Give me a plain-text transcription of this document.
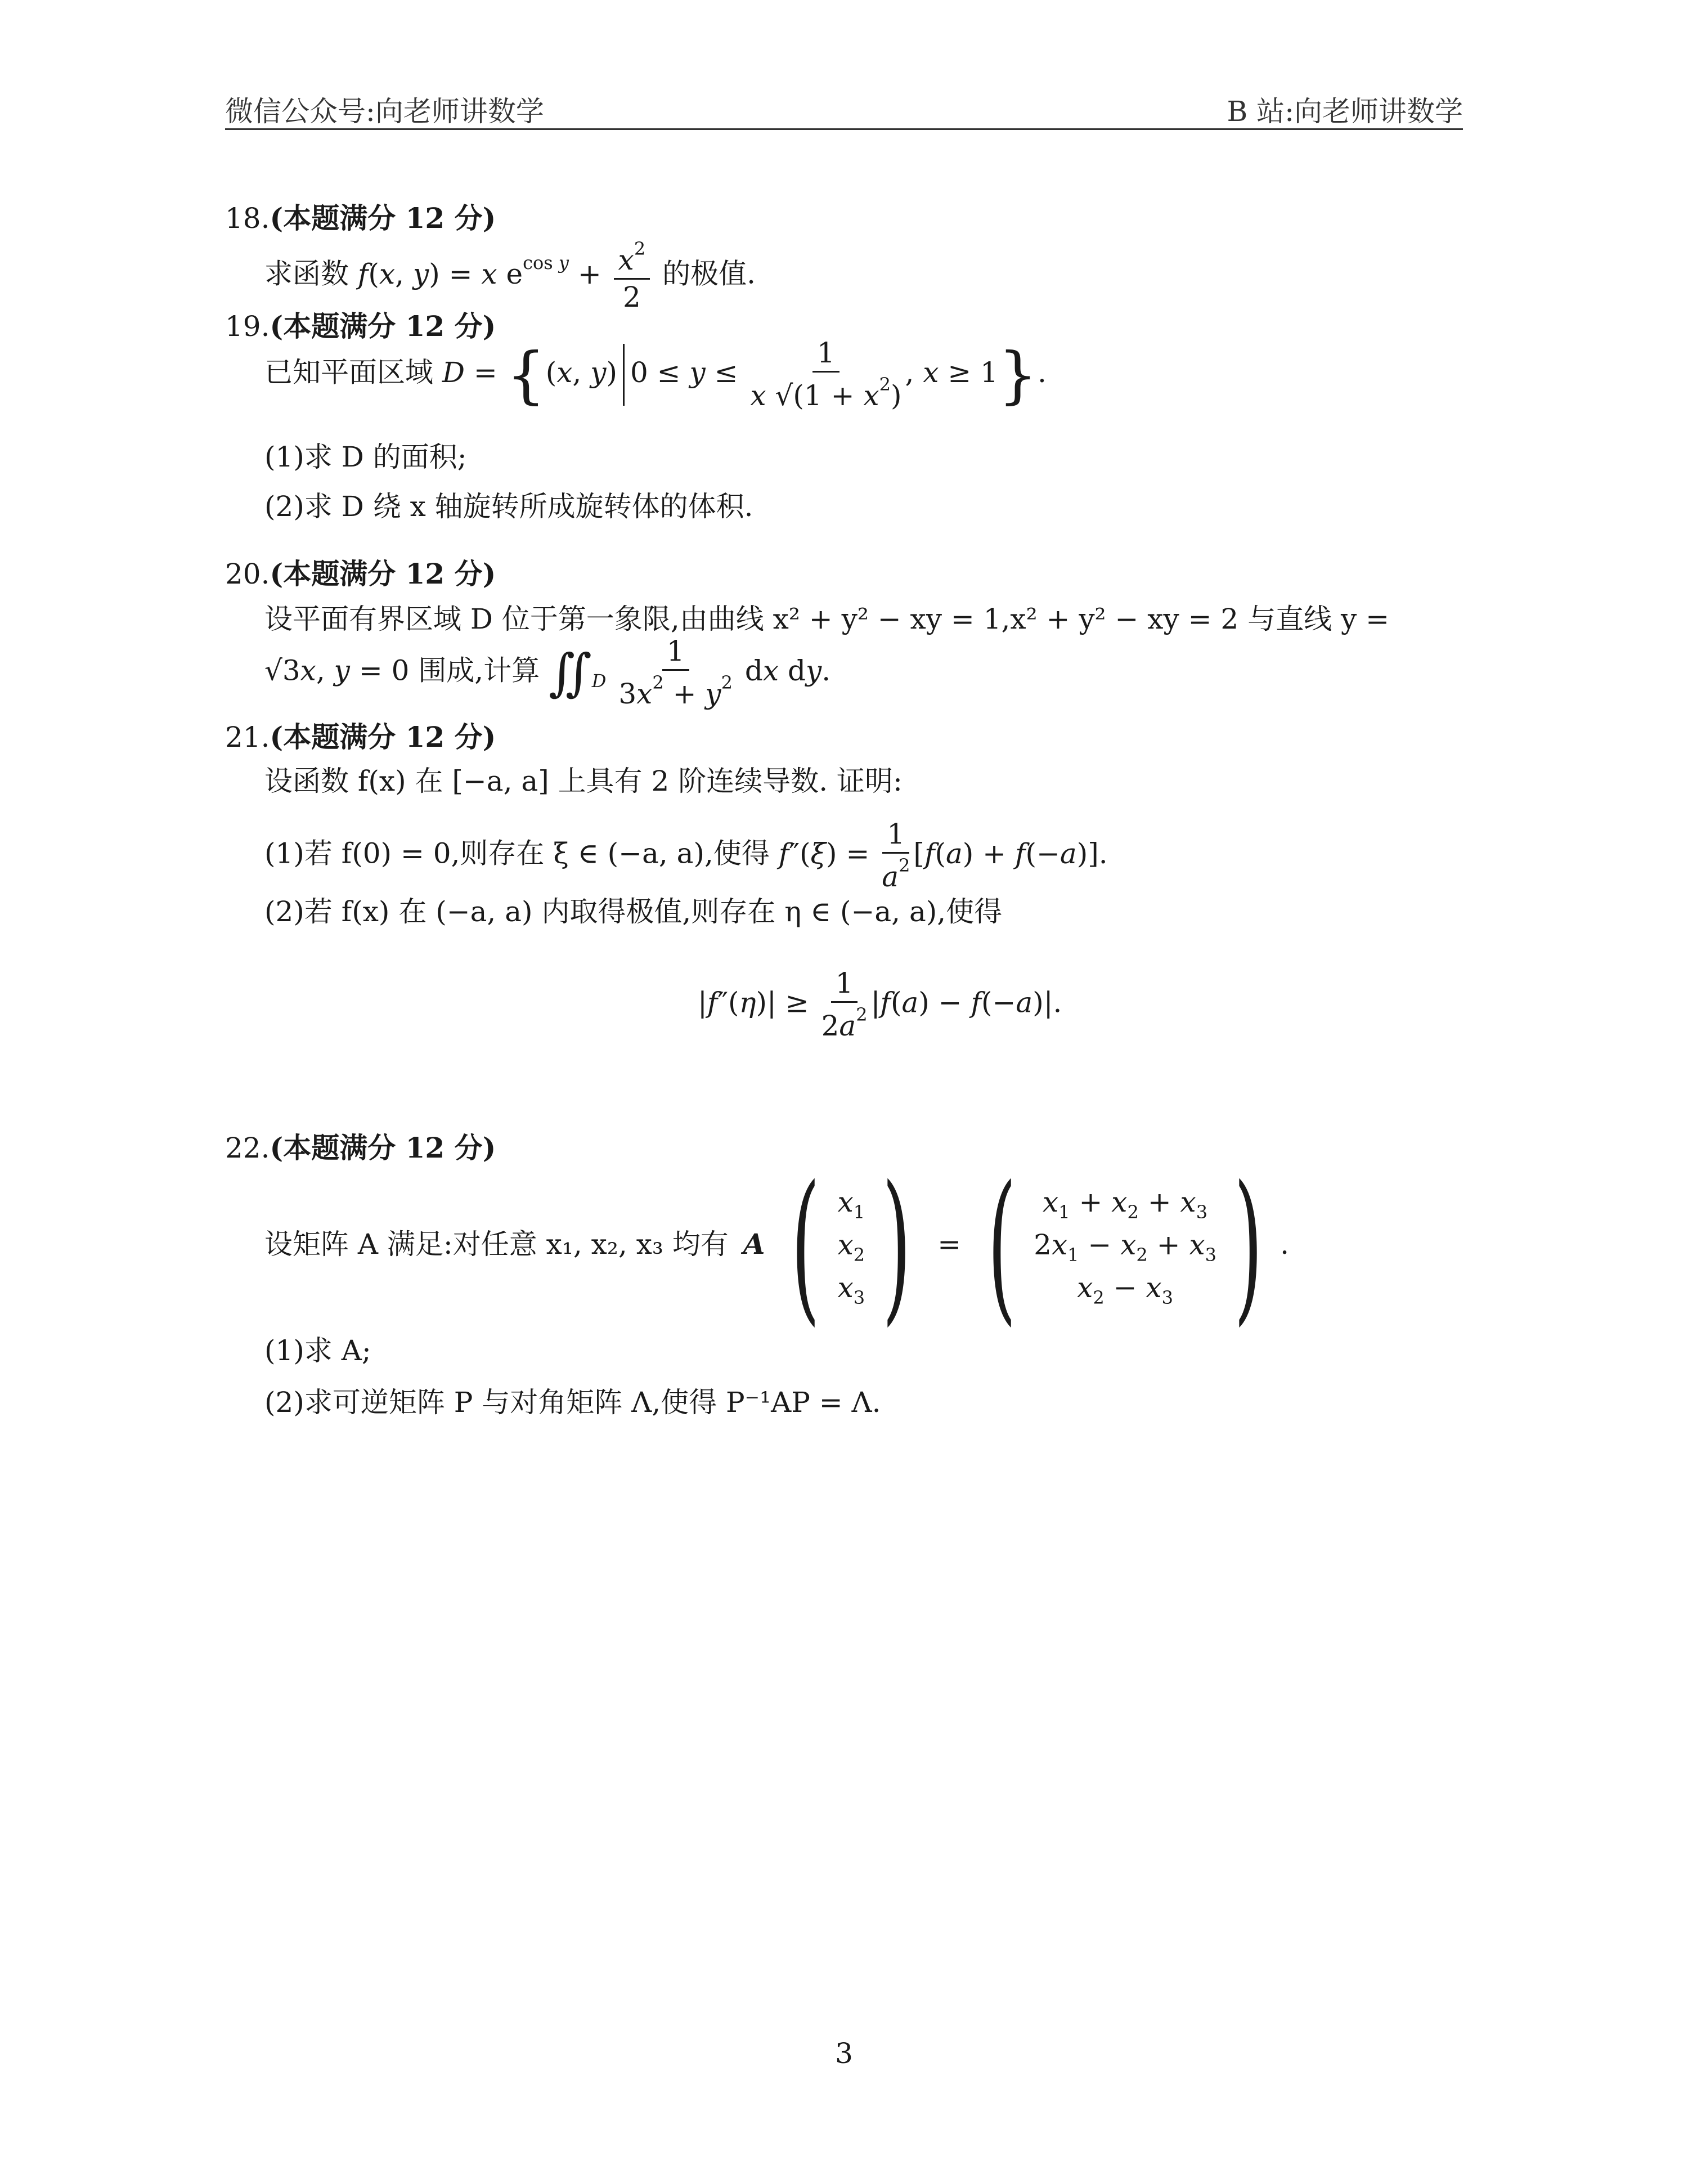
微信公众号:向老师讲数学	B 站:向老师讲数学
18.(本题满分 12 分)
求函数 f(x, y) = x $e^{cos y} + \frac{x^2}{2}$ 的极值.
19.(本题满分 12 分)
已知平面区域 D = {(x, y) $0 \le y \le \frac{1}{x √(1 + x^2)}$ , x ≥ 1}.
(1)求 D 的面积;
(2)求 D 绕 x 轴旋转所成旋转体的体积.
20.(本题满分 12 分)
设平面有界区域 D 位于第一象限,由曲线 x² + y² − xy = 1,x² + y² − xy = 2 与直线 y =
√3x, y = 0 围成,计算 $∬_D \frac{1}{3x^2 + y^2}$ dx dy.
21.(本题满分 12 分)
设函数 f(x) 在 [−a, a] 上具有 2 阶连续导数. 证明:
(1)若 f(0) = 0,则存在 ξ ∈ (−a, a),使得 $f''(\xi) = \frac{1}{a^2} [f(a) + f(-a)]$.
(2)若 f(x) 在 (−a, a) 内取得极值,则存在 η ∈ (−a, a),使得
$|f''(\eta)| \ge \frac{1}{2a^2} |f(a) - f(-a)|$.
22.(本题满分 12 分)
设矩阵 A 满足:对任意 x₁, x₂, x₃ 均有 A ( $x_1$
$x_2$
$x_3$ ) = ( $x_1 + x_2 + x_3$
$2x_1 - x_2 + x_3$
$x_2 - x_3$ ) .
(1)求 A;
(2)求可逆矩阵 P 与对角矩阵 Λ,使得 P⁻¹AP = Λ.
3
